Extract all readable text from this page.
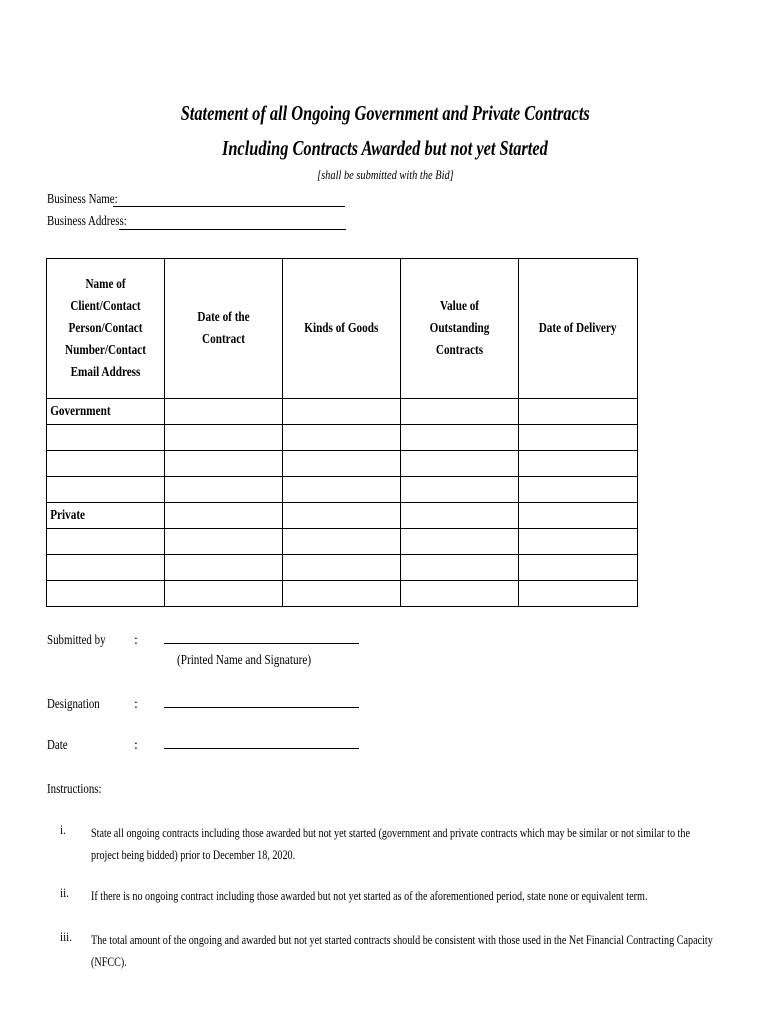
Statement of all Ongoing Government and Private Contracts
Including Contracts Awarded but not yet Started
[shall be submitted with the Bid]
Business Name:
Business Address:
Name of Client/Contact Person/Contact Number/Contact Email Address	Date of the Contract	Kinds of Goods	Value of Outstanding Contracts	Date of Delivery
Government				

Private				

Submitted by :
(Printed Name and Signature)
Designation :
Date	:
Instructions:
i. State all ongoing contracts including those awarded but not yet started (government and private contracts which may be similar or not similar to the project being bidded) prior to December 18, 2020.
ii. If there is no ongoing contract including those awarded but not yet started as of the aforementioned period, state none or equivalent term.
iii. The total amount of the ongoing and awarded but not yet started contracts should be consistent with those used in the Net Financial Contracting Capacity (NFCC).
